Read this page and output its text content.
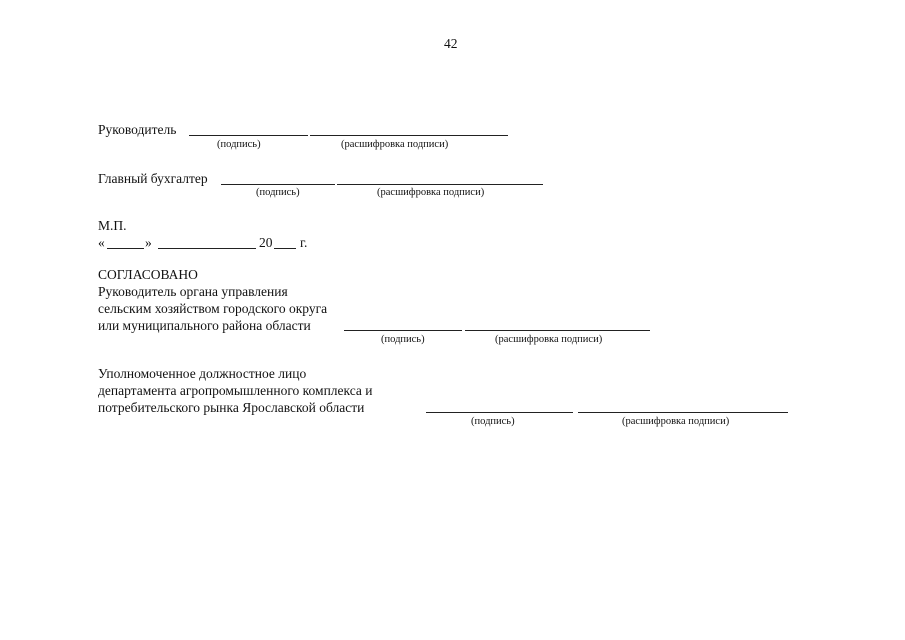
42
Руководитель
(подпись)	(расшифровка подписи)
Главный бухгалтер
(подпись)	(расшифровка подписи)
М.П.
«	»	20 г.
СОГЛАСОВАНО
Руководитель органа управления
сельским хозяйством городского округа
или муниципального района области
(подпись)	(расшифровка подписи)
Уполномоченное должностное лицо
департамента агропромышленного комплекса и
потребительского рынка Ярославской области
(подпись)	(расшифровка подписи)
